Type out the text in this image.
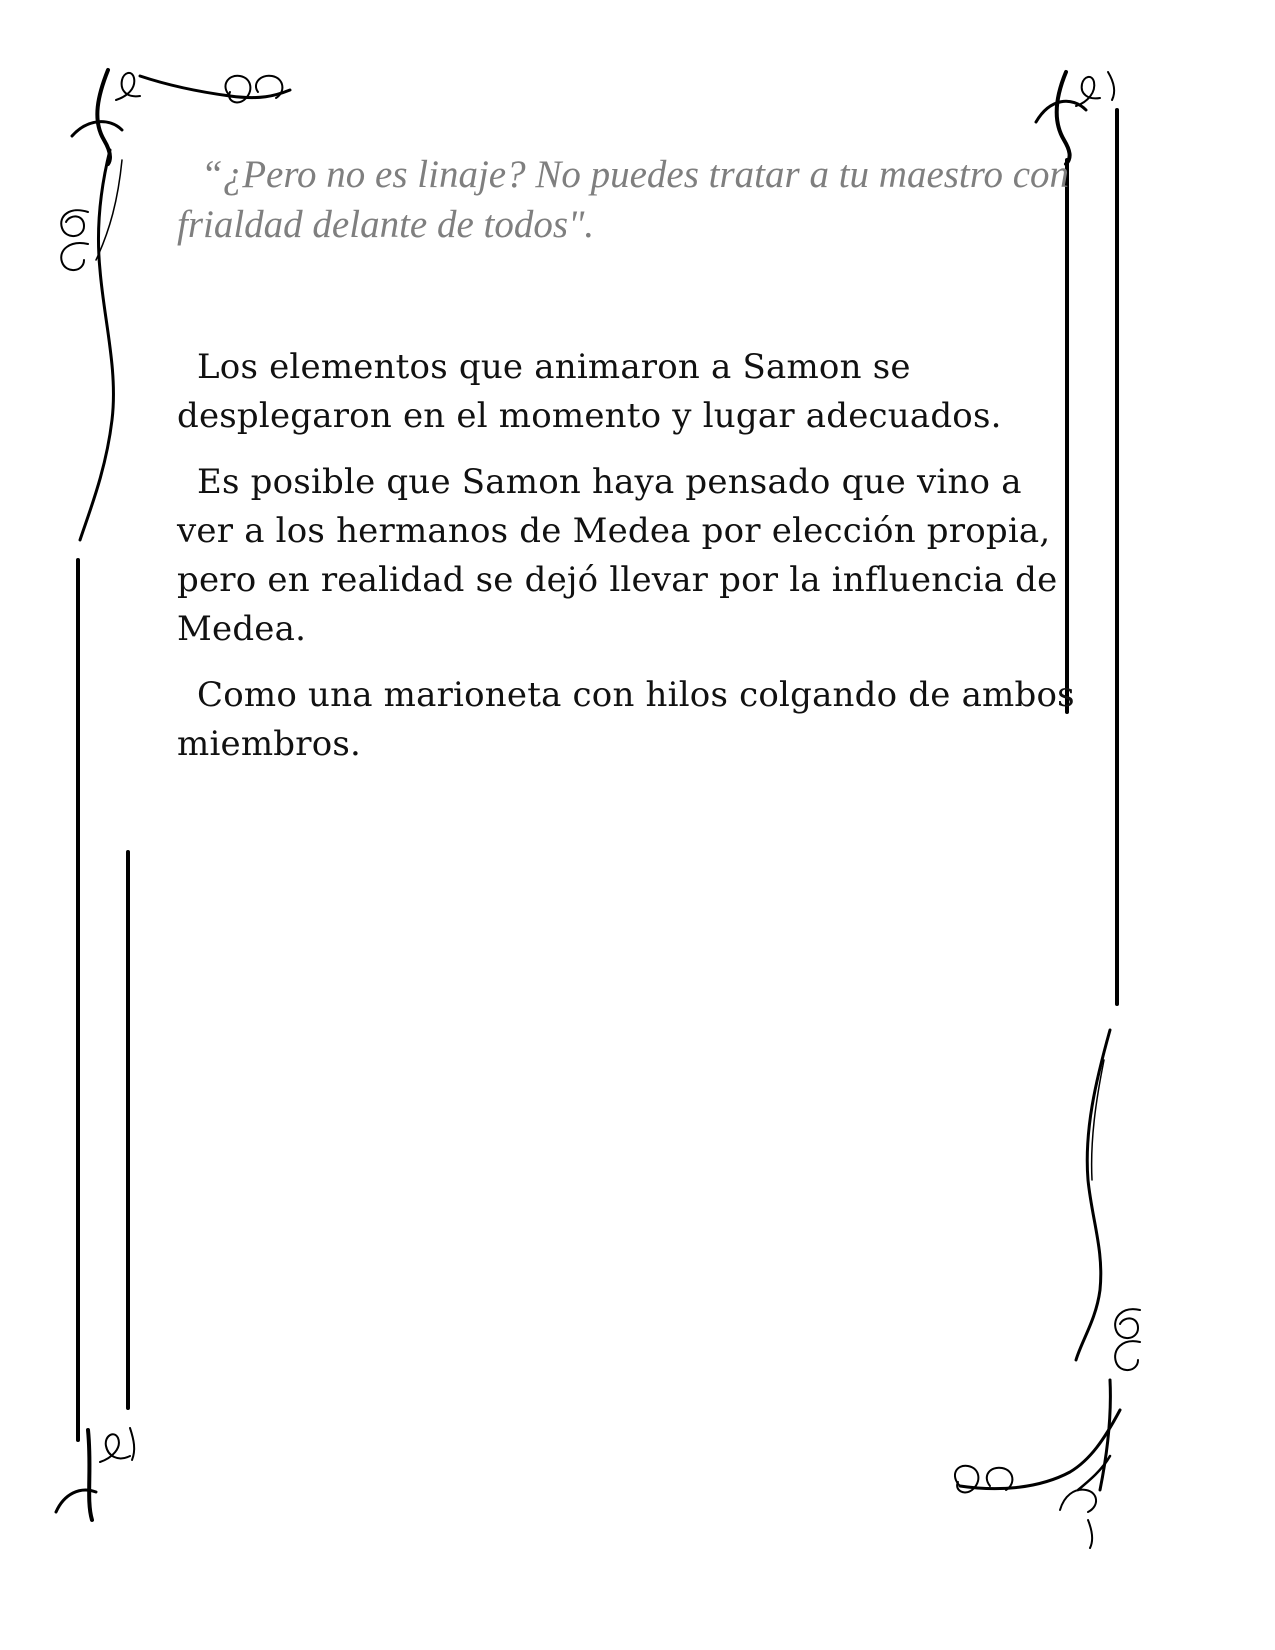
“¿Pero no es linaje? No puedes tratar a tu maestro con frialdad delante de todos".

Los elementos que animaron a Samon se desplegaron en el momento y lugar adecuados.

Es posible que Samon haya pensado que vino a ver a los hermanos de Medea por elección propia, pero en realidad se dejó llevar por la influencia de Medea.

Como una marioneta con hilos colgando de ambos miembros.
